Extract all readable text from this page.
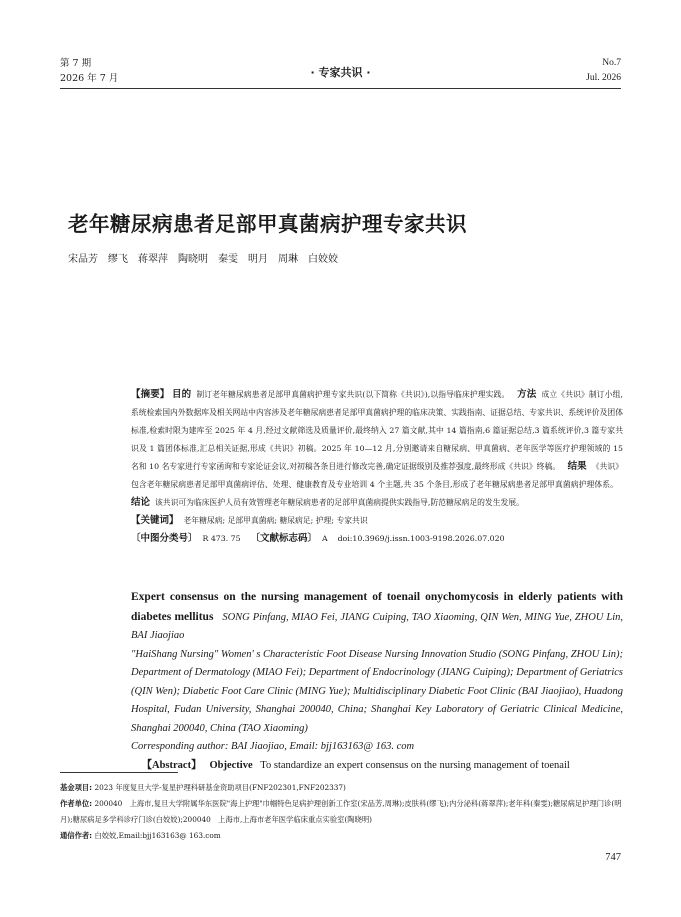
第 7 期
2026 年 7 月	· 专家共识 ·
No.7
Jul. 2026
老年糖尿病患者足部甲真菌病护理专家共识
宋品芳　缪飞　蒋翠萍　陶晓明　秦雯　明月　周琳　白姣姣

【摘要】 目的 制订老年糖尿病患者足部甲真菌病护理专家共识(以下简称《共识》),以指导临床护理实践。 方法 成立《共识》制订小组,系统检索国内外数据库及相关网站中内容涉及老年糖尿病患者足部甲真菌病护理的临床决策、实践指南、证据总结、专家共识、系统评价及团体标准,检索时限为建库至 2025 年 4 月,经过文献筛选及质量评价,最终纳入 27 篇文献,其中 14 篇指南,6 篇证据总结,3 篇系统评价,3 篇专家共识及 1 篇团体标准,汇总相关证据,形成《共识》初稿。2025 年 10—12 月,分别邀请来自糖尿病、甲真菌病、老年医学等医疗护理领域的 15 名和 10 名专家进行专家函询和专家论证会议,对初稿各条目进行修改完善,确定证据级别及推荐强度,最终形成《共识》终稿。 结果 《共识》包含老年糖尿病患者足部甲真菌病评估、处理、健康教育及专业培训 4 个主题,共 35 个条目,形成了老年糖尿病患者足部甲真菌病护理体系。   结论 该共识可为临床医护人员有效管理老年糖尿病患者的足部甲真菌病提供实践指导,防范糖尿病足的发生发展。

【关键词】 老年糖尿病; 足部甲真菌病; 糖尿病足; 护理; 专家共识

〔中图分类号〕 R 473. 75 〔文献标志码〕 A doi:10.3969/j.issn.1003-9198.2026.07.020

Expert consensus on the nursing management of toenail onychomycosis in elderly patients with diabetes mellitus SONG Pinfang, MIAO Fei, JIANG Cuiping, TAO Xiaoming, QIN Wen, MING Yue, ZHOU Lin, BAI Jiaojiao

"HaiShang Nursing" Women' s Characteristic Foot Disease Nursing Innovation Studio (SONG Pinfang, ZHOU Lin); Department of Dermatology (MIAO Fei); Department of Endocrinology (JIANG Cuiping); Department of Geriatrics (QIN Wen); Diabetic Foot Care Clinic (MING Yue); Multidisciplinary Diabetic Foot Clinic (BAI Jiaojiao), Huadong Hospital, Fudan University, Shanghai 200040, China; Shanghai Key Laboratory of Geriatric Clinical Medicine, Shanghai 200040, China (TAO Xiaoming)

Corresponding author: BAI Jiaojiao, Email: bjj163163@ 163. com

【Abstract】 Objective To standardize an expert consensus on the nursing management of toenail

基金项目: 2023 年度复旦大学-复星护理科研基金资助项目(FNF202301,FNF202337)

作者单位: 200040　上海市,复旦大学附属华东医院"海上护理"巾帼特色足病护理创新工作室(宋品芳,周琳);皮肤科(缪飞);内分泌科(蒋翠萍);老年科(秦雯);糖尿病足护理门诊(明月);糖尿病足多学科诊疗门诊(白姣姣);200040　上海市,上海市老年医学临床重点实验室(陶晓明)

通信作者: 白姣姣,Email:bjj163163@ 163.com

747
